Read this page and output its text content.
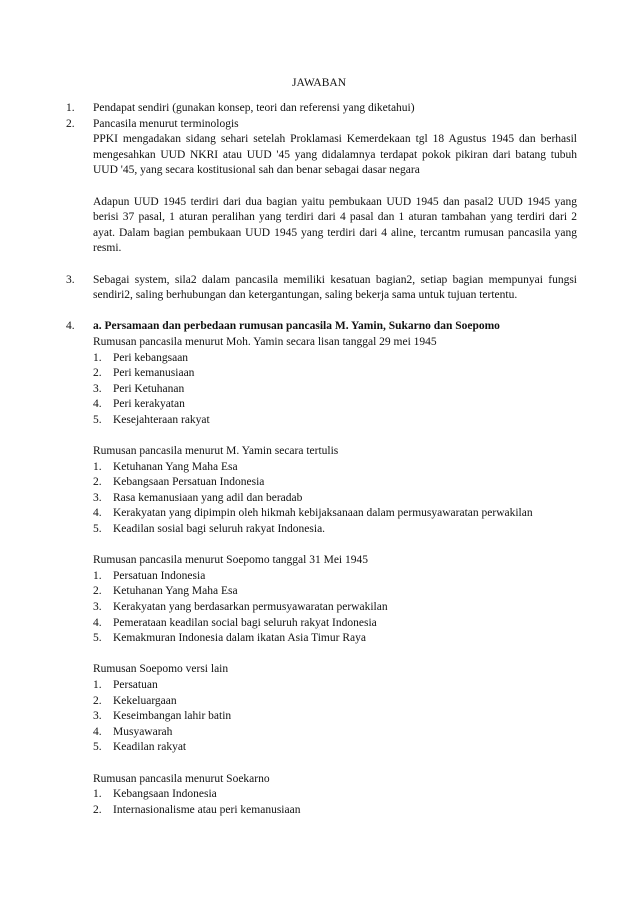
JAWABAN
1.	Pendapat sendiri (gunakan konsep, teori dan referensi yang diketahui)
2.	Pancasila menurut terminologis
PPKI mengadakan sidang sehari setelah Proklamasi Kemerdekaan tgl 18 Agustus 1945 dan berhasil mengesahkan UUD NKRI atau UUD '45 yang didalamnya terdapat pokok pikiran dari batang tubuh UUD '45, yang secara kostitusional sah dan benar sebagai dasar negara
Adapun UUD 1945 terdiri dari dua bagian yaitu pembukaan UUD 1945 dan pasal2 UUD 1945 yang berisi 37 pasal, 1 aturan peralihan yang terdiri dari 4 pasal dan 1 aturan tambahan yang terdiri dari 2 ayat. Dalam bagian pembukaan UUD 1945 yang terdiri dari 4 aline, tercantm rumusan pancasila yang resmi.
3.	Sebagai system, sila2 dalam pancasila memiliki kesatuan bagian2, setiap bagian mempunyai fungsi sendiri2, saling berhubungan dan ketergantungan, saling bekerja sama untuk tujuan tertentu.
4.	a. Persamaan dan perbedaan rumusan pancasila M. Yamin, Sukarno dan Soepomo
Rumusan pancasila menurut Moh. Yamin secara lisan tanggal 29 mei 1945
1. Peri kebangsaan
2. Peri kemanusiaan
3. Peri Ketuhanan
4. Peri kerakyatan
5. Kesejahteraan rakyat
Rumusan pancasila menurut M. Yamin secara tertulis
1. Ketuhanan Yang Maha Esa
2. Kebangsaan Persatuan Indonesia
3. Rasa kemanusiaan yang adil dan beradab
4. Kerakyatan yang dipimpin oleh hikmah kebijaksanaan dalam permusyawaratan perwakilan
5. Keadilan sosial bagi seluruh rakyat Indonesia.
Rumusan pancasila menurut Soepomo tanggal 31 Mei 1945
1. Persatuan Indonesia
2. Ketuhanan Yang Maha Esa
3. Kerakyatan yang berdasarkan permusyawaratan perwakilan
4. Pemerataan keadilan social bagi seluruh rakyat Indonesia
5. Kemakmuran Indonesia dalam ikatan Asia Timur Raya
Rumusan Soepomo versi lain
1. Persatuan
2. Kekeluargaan
3. Keseimbangan lahir batin
4. Musyawarah
5. Keadilan rakyat
Rumusan pancasila menurut Soekarno
1. Kebangsaan Indonesia
2. Internasionalisme atau peri kemanusiaan
